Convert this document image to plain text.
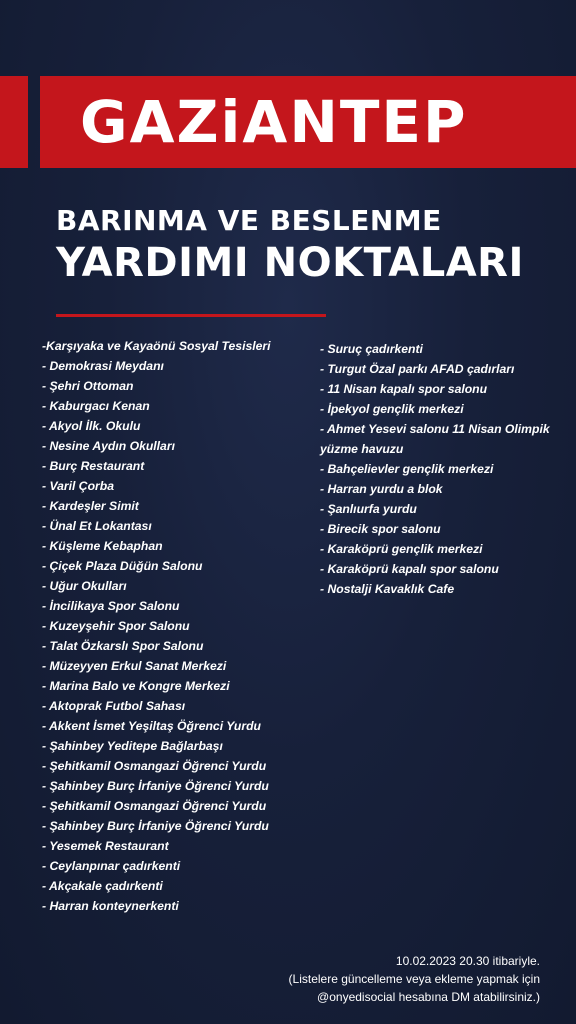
GAZiANTEP
BARINMA VE BESLENME
YARDIMI NOKTALARI
-Karşıyaka ve Kayaönü Sosyal Tesisleri
- Demokrasi Meydanı
- Şehri Ottoman
- Kaburgacı Kenan
- Akyol İlk. Okulu
- Nesine Aydın Okulları
- Burç Restaurant
- Varil Çorba
- Kardeşler Simit
- Ünal Et Lokantası
- Küşleme Kebaphan
- Çiçek Plaza Düğün Salonu
- Uğur Okulları
- İncilikaya Spor Salonu
- Kuzeyşehir Spor Salonu
- Talat Özkarslı Spor Salonu
- Müzeyyen Erkul Sanat Merkezi
- Marina Balo ve Kongre Merkezi
- Aktoprak Futbol Sahası
- Akkent İsmet Yeşiltaş Öğrenci Yurdu
- Şahinbey Yeditepe Bağlarbaşı
- Şehitkamil Osmangazi Öğrenci Yurdu
- Şahinbey Burç İrfaniye Öğrenci Yurdu
- Şehitkamil Osmangazi Öğrenci Yurdu
- Şahinbey Burç İrfaniye Öğrenci Yurdu
- Yesemek Restaurant
- Ceylanpınar çadırkenti
- Akçakale çadırkenti
- Harran konteynerkenti
- Suruç çadırkenti
- Turgut Özal parkı AFAD çadırları
- 11 Nisan kapalı spor salonu
- İpekyol gençlik merkezi
- Ahmet Yesevi salonu 11 Nisan Olimpik yüzme havuzu
- Bahçelievler gençlik merkezi
- Harran yurdu a blok
- Şanlıurfa yurdu
- Birecik spor salonu
- Karaköprü gençlik merkezi
- Karaköprü kapalı spor salonu
- Nostalji Kavaklık Cafe
10.02.2023 20.30 itibariyle.
(Listelere güncelleme veya ekleme yapmak için
@onyedisocial hesabına DM atabilirsiniz.)
